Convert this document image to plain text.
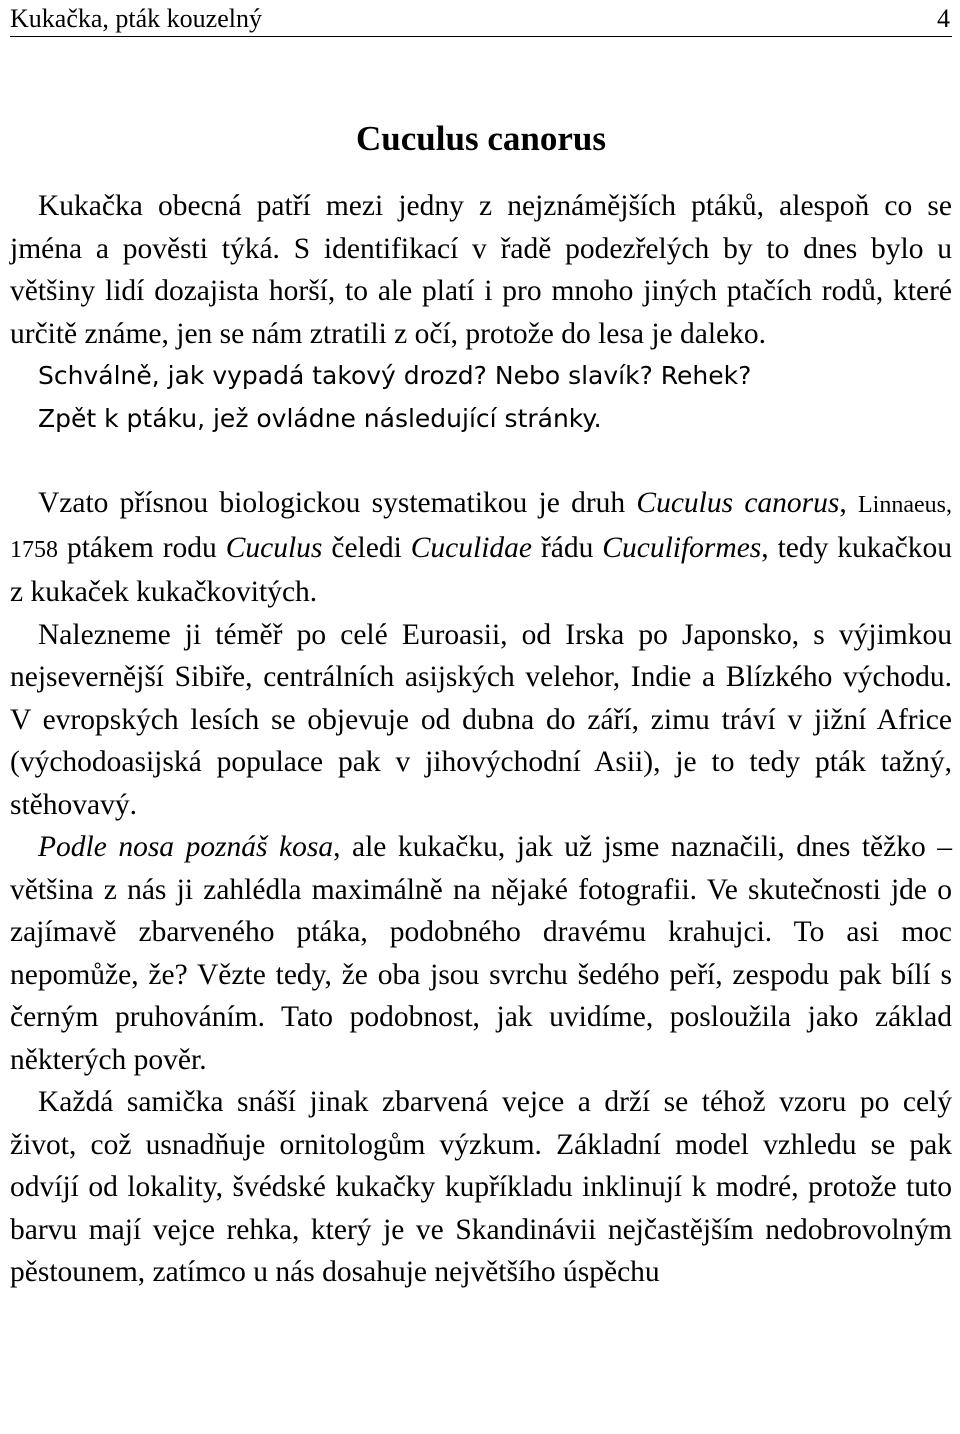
Kukačka, pták kouzelný	4
Cuculus canorus

Kukačka obecná patří mezi jedny z nejznámějších ptáků, alespoň co se jména a pověsti týká. S identifikací v řadě podezřelých by to dnes bylo u většiny lidí dozajista horší, to ale platí i pro mnoho jiných ptačích rodů, které určitě známe, jen se nám ztratili z očí, protože do lesa je daleko.

Schválně, jak vypadá takový drozd? Nebo slavík? Rehek?
Zpět k ptáku, jež ovládne následující stránky.

Vzato přísnou biologickou systematikou je druh Cuculus canorus, Linnaeus, 1758 ptákem rodu Cuculus čeledi Cuculidae řádu Cuculiformes, tedy kukačkou z kukaček kukačkovitých.

Nalezneme ji téměř po celé Euroasii, od Irska po Japonsko, s výjimkou nejsevernější Sibiře, centrálních asijských velehor, Indie a Blízkého východu. V evropských lesích se objevuje od dubna do září, zimu tráví v jižní Africe (východoasijská populace pak v jihovýchodní Asii), je to tedy pták tažný, stěhovavý.

Podle nosa poznáš kosa, ale kukačku, jak už jsme naznačili, dnes těžko – většina z nás ji zahlédla maximálně na nějaké fotografii. Ve skutečnosti jde o zajímavě zbarveného ptáka, podobného dravému krahujci. To asi moc nepomůže, že? Vězte tedy, že oba jsou svrchu šedého peří, zespodu pak bílí s černým pruhováním. Tato podobnost, jak uvidíme, posloužila jako základ některých pověr.

Každá samička snáší jinak zbarvená vejce a drží se téhož vzoru po celý život, což usnadňuje ornitologům výzkum. Základní model vzhledu se pak odvíjí od lokality, švédské kukačky kupříkladu inklinují k modré, protože tuto barvu mají vejce rehka, který je ve Skandinávii nejčastějším nedobrovolným pěstounem, zatímco u nás dosahuje největšího úspěchu
